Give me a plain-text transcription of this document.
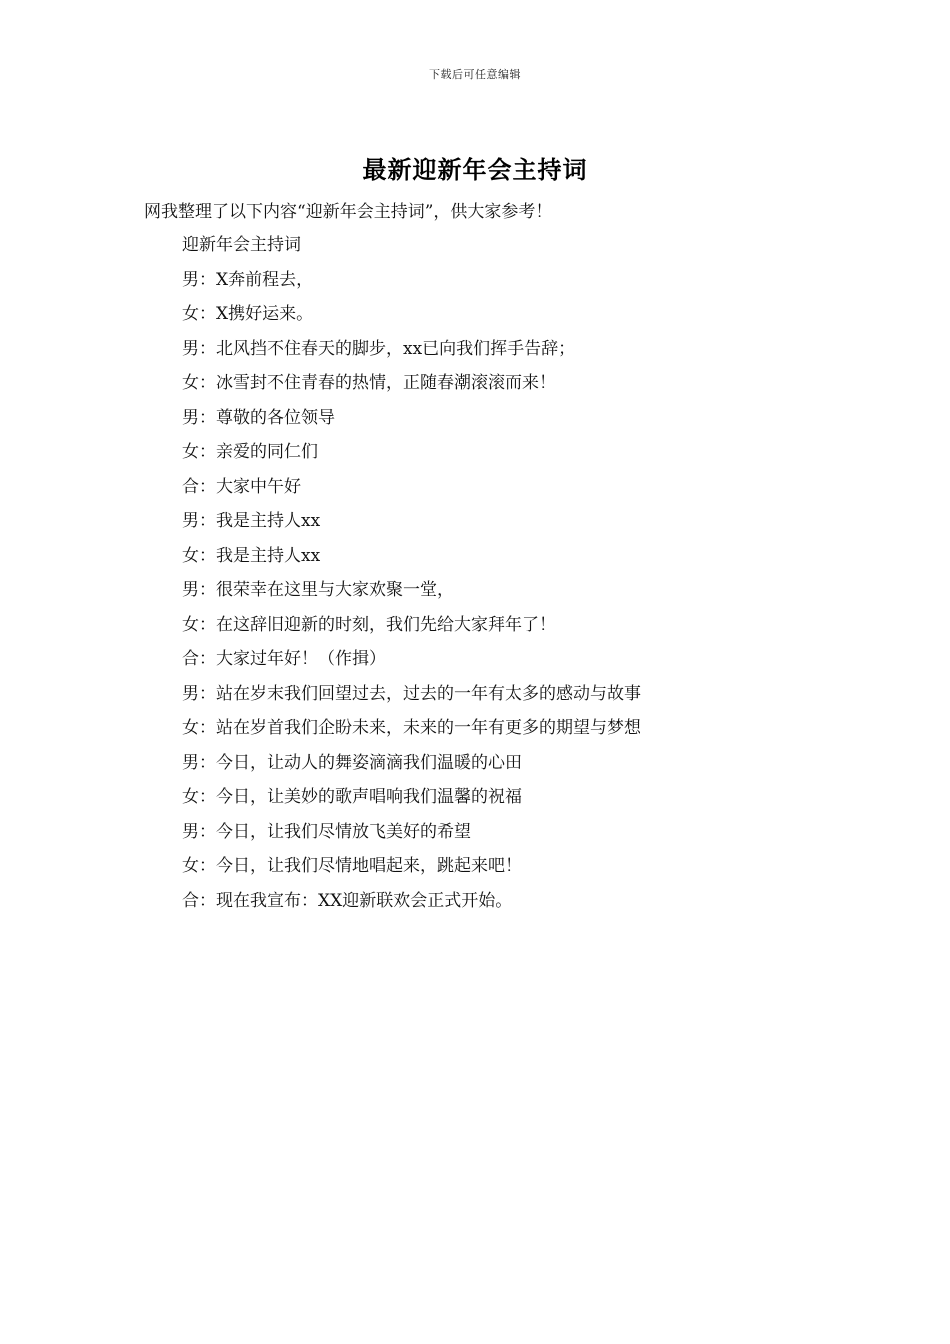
下载后可任意编辑
最新迎新年会主持词
网我整理了以下内容“迎新年会主持词”，供大家参考！
迎新年会主持词
男：X奔前程去，
女：X携好运来。
男：北风挡不住春天的脚步，xx已向我们挥手告辞；
女：冰雪封不住青春的热情，正随春潮滚滚而来！
男：尊敬的各位领导
女：亲爱的同仁们
合：大家中午好
男：我是主持人xx
女：我是主持人xx
男：很荣幸在这里与大家欢聚一堂，
女：在这辞旧迎新的时刻，我们先给大家拜年了！
合：大家过年好！（作揖）
男：站在岁末我们回望过去，过去的一年有太多的感动与故事
女：站在岁首我们企盼未来，未来的一年有更多的期望与梦想
男：今日，让动人的舞姿滴滴我们温暖的心田
女：今日，让美妙的歌声唱响我们温馨的祝福
男：今日，让我们尽情放飞美好的希望
女：今日，让我们尽情地唱起来，跳起来吧！
合：现在我宣布：XX迎新联欢会正式开始。
